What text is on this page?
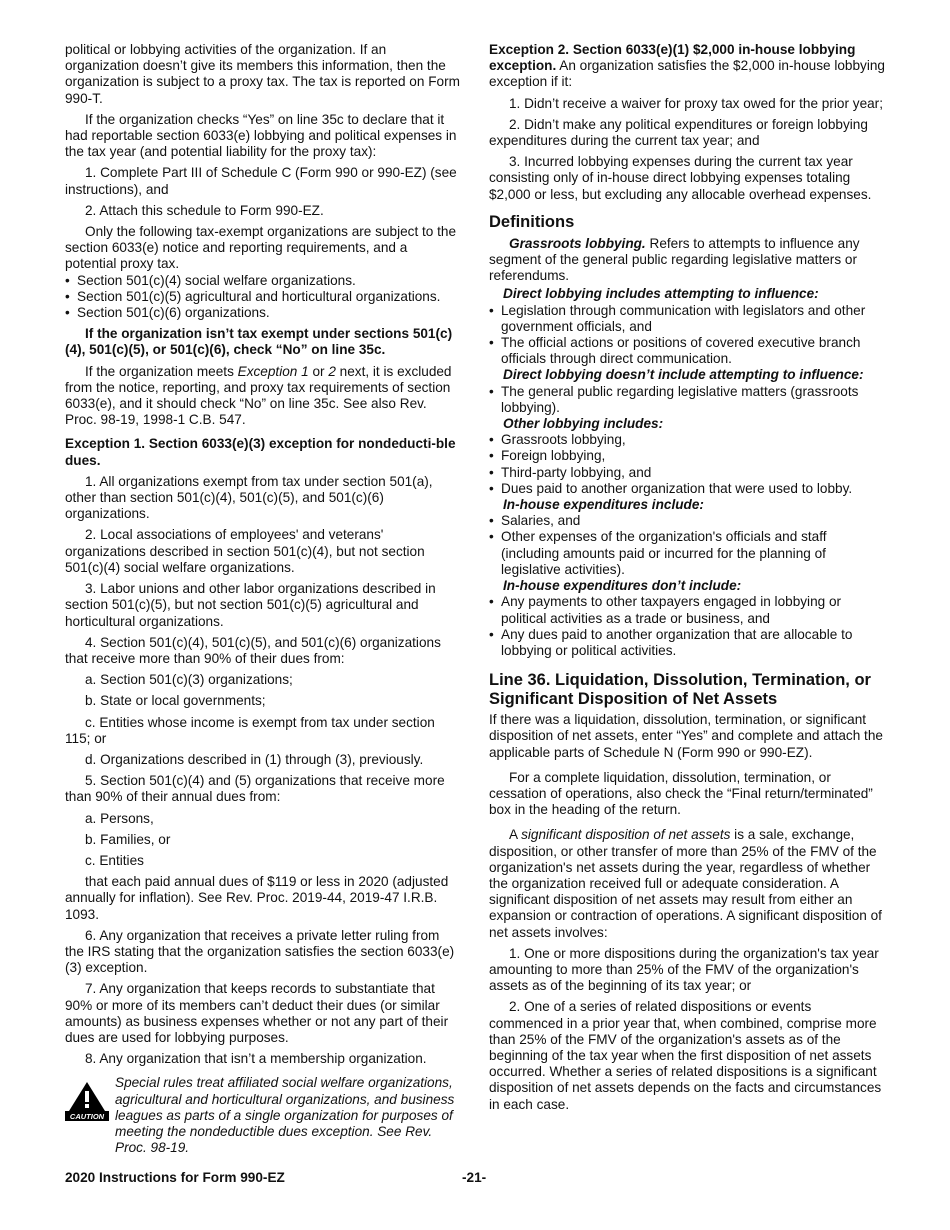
political or lobbying activities of the organization. If an organization doesn’t give its members this information, then the organization is subject to a proxy tax. The tax is reported on Form 990-T.

If the organization checks “Yes” on line 35c to declare that it had reportable section 6033(e) lobbying and political expenses in the tax year (and potential liability for the proxy tax):

1. Complete Part III of Schedule C (Form 990 or 990-EZ) (see instructions), and

2. Attach this schedule to Form 990-EZ.

Only the following tax-exempt organizations are subject to the section 6033(e) notice and reporting requirements, and a potential proxy tax.

• Section 501(c)(4) social welfare organizations.

• Section 501(c)(5) agricultural and horticultural organizations.

• Section 501(c)(6) organizations.

If the organization isn’t tax exempt under sections 501(c)(4), 501(c)(5), or 501(c)(6), check “No” on line 35c.

If the organization meets Exception 1 or 2 next, it is excluded from the notice, reporting, and proxy tax requirements of section 6033(e), and it should check “No” on line 35c. See also Rev. Proc. 98-19, 1998-1 C.B. 547.

Exception 1. Section 6033(e)(3) exception for nondeducti-ble dues.

1. All organizations exempt from tax under section 501(a), other than section 501(c)(4), 501(c)(5), and 501(c)(6) organizations.

2. Local associations of employees' and veterans' organizations described in section 501(c)(4), but not section 501(c)(4) social welfare organizations.

3. Labor unions and other labor organizations described in section 501(c)(5), but not section 501(c)(5) agricultural and horticultural organizations.

4. Section 501(c)(4), 501(c)(5), and 501(c)(6) organizations that receive more than 90% of their dues from:

a. Section 501(c)(3) organizations;

b. State or local governments;

c. Entities whose income is exempt from tax under section 115; or

d. Organizations described in (1) through (3), previously.

5. Section 501(c)(4) and (5) organizations that receive more than 90% of their annual dues from:

a. Persons,

b. Families, or

c. Entities

that each paid annual dues of $119 or less in 2020 (adjusted annually for inflation). See Rev. Proc. 2019-44, 2019-47 I.R.B. 1093.

6. Any organization that receives a private letter ruling from the IRS stating that the organization satisfies the section 6033(e)(3) exception.

7. Any organization that keeps records to substantiate that 90% or more of its members can’t deduct their dues (or similar amounts) as business expenses whether or not any part of their dues are used for lobbying purposes.

8. Any organization that isn’t a membership organization.

CAUTION
Special rules treat affiliated social welfare organizations, agricultural and horticultural organizations, and business leagues as parts of a single organization for purposes of meeting the nondeductible dues exception. See Rev. Proc. 98-19.

Exception 2. Section 6033(e)(1) $2,000 in-house lobbying exception. An organization satisfies the $2,000 in-house lobbying exception if it:

1. Didn’t receive a waiver for proxy tax owed for the prior year;

2. Didn’t make any political expenditures or foreign lobbying expenditures during the current tax year; and

3. Incurred lobbying expenses during the current tax year consisting only of in-house direct lobbying expenses totaling $2,000 or less, but excluding any allocable overhead expenses.

Definitions

Grassroots lobbying. Refers to attempts to influence any segment of the general public regarding legislative matters or referendums.

Direct lobbying includes attempting to influence:

• Legislation through communication with legislators and other government officials, and

• The official actions or positions of covered executive branch officials through direct communication.

Direct lobbying doesn’t include attempting to influence:

• The general public regarding legislative matters (grassroots lobbying).

Other lobbying includes:

• Grassroots lobbying,

• Foreign lobbying,

• Third-party lobbying, and

• Dues paid to another organization that were used to lobby.

In-house expenditures include:

• Salaries, and

• Other expenses of the organization's officials and staff (including amounts paid or incurred for the planning of legislative activities).

In-house expenditures don’t include:

• Any payments to other taxpayers engaged in lobbying or political activities as a trade or business, and

• Any dues paid to another organization that are allocable to lobbying or political activities.

Line 36. Liquidation, Dissolution, Termination, or Significant Disposition of Net Assets

If there was a liquidation, dissolution, termination, or significant disposition of net assets, enter “Yes” and complete and attach the applicable parts of Schedule N (Form 990 or 990-EZ).

For a complete liquidation, dissolution, termination, or cessation of operations, also check the “Final return/terminated” box in the heading of the return.

A significant disposition of net assets is a sale, exchange, disposition, or other transfer of more than 25% of the FMV of the organization's net assets during the year, regardless of whether the organization received full or adequate consideration. A significant disposition of net assets may result from either an expansion or contraction of operations. A significant disposition of net assets involves:

1. One or more dispositions during the organization's tax year amounting to more than 25% of the FMV of the organization's assets as of the beginning of its tax year; or

2. One of a series of related dispositions or events commenced in a prior year that, when combined, comprise more than 25% of the FMV of the organization's assets as of the beginning of the tax year when the first disposition of net assets occurred. Whether a series of related dispositions is a significant disposition of net assets depends on the facts and circumstances in each case.

2020 Instructions for Form 990-EZ	-21-
